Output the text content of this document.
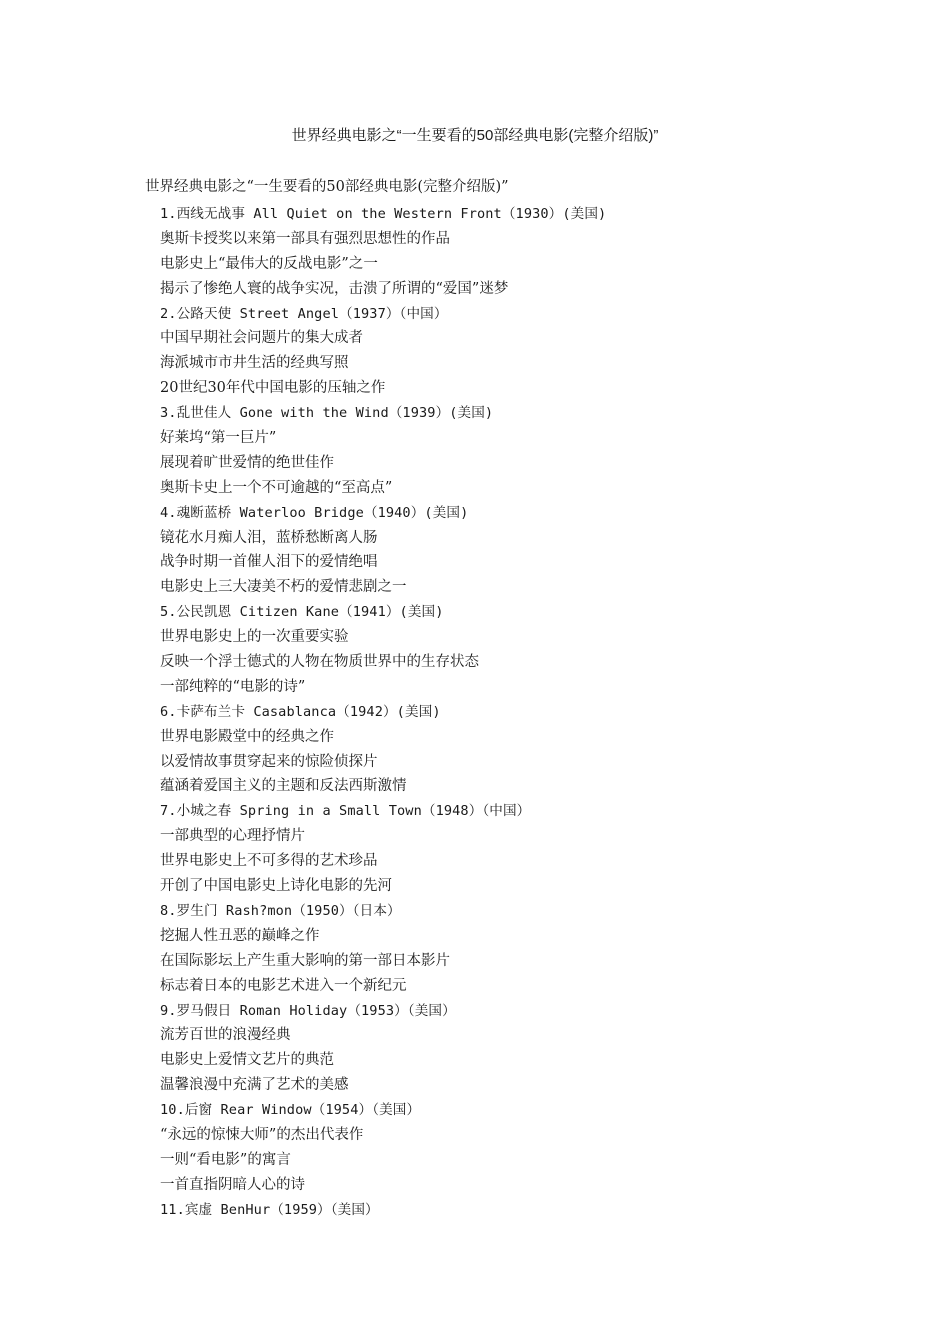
世界经典电影之“一生要看的50部经典电影(完整介绍版)”
世界经典电影之“一生要看的50部经典电影(完整介绍版)”
1.西线无战事 All Quiet on the Western Front（1930）(美国)
奥斯卡授奖以来第一部具有强烈思想性的作品
电影史上“最伟大的反战电影”之一
揭示了惨绝人寰的战争实况，击溃了所谓的“爱国”迷梦
2.公路天使 Street Angel（1937）（中国）
中国早期社会问题片的集大成者
海派城市市井生活的经典写照
20世纪30年代中国电影的压轴之作
3.乱世佳人 Gone with the Wind（1939）(美国)
好莱坞“第一巨片”
展现着旷世爱情的绝世佳作
奥斯卡史上一个不可逾越的“至高点”
4.魂断蓝桥 Waterloo Bridge（1940）(美国)
镜花水月痴人泪，蓝桥愁断离人肠
战争时期一首催人泪下的爱情绝唱
电影史上三大凄美不朽的爱情悲剧之一
5.公民凯恩 Citizen Kane（1941）(美国)
世界电影史上的一次重要实验
反映一个浮士德式的人物在物质世界中的生存状态
一部纯粹的“电影的诗”
6.卡萨布兰卡 Casablanca（1942）(美国)
世界电影殿堂中的经典之作
以爱情故事贯穿起来的惊险侦探片
蕴涵着爱国主义的主题和反法西斯激情
7.小城之春 Spring in a Small Town（1948）（中国）
一部典型的心理抒情片
世界电影史上不可多得的艺术珍品
开创了中国电影史上诗化电影的先河
8.罗生门 Rash?mon（1950）（日本）
挖掘人性丑恶的巅峰之作
在国际影坛上产生重大影响的第一部日本影片
标志着日本的电影艺术进入一个新纪元
9.罗马假日 Roman Holiday（1953）（美国）
流芳百世的浪漫经典
电影史上爱情文艺片的典范
温馨浪漫中充满了艺术的美感
10.后窗 Rear Window（1954）（美国）
“永远的惊悚大师”的杰出代表作
一则“看电影”的寓言
一首直指阴暗人心的诗
11.宾虚 BenHur（1959）（美国）
